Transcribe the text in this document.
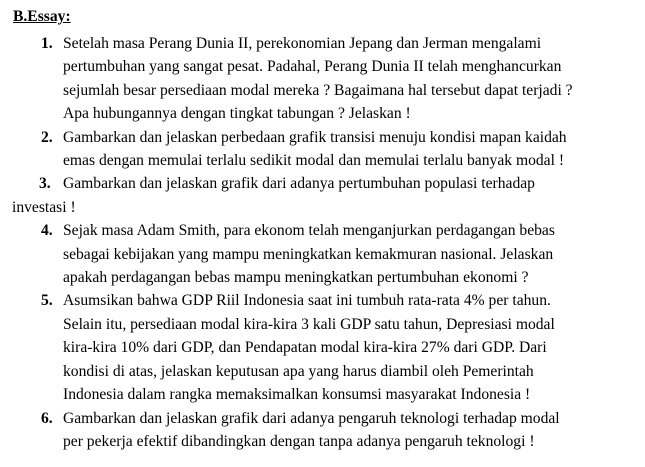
B.Essay:
1. Setelah masa Perang Dunia II, perekonomian Jepang dan Jerman mengalami
pertumbuhan yang sangat pesat. Padahal, Perang Dunia II telah menghancurkan
sejumlah besar persediaan modal mereka ? Bagaimana hal tersebut dapat terjadi ?
Apa hubungannya dengan tingkat tabungan ? Jelaskan !
2. Gambarkan dan jelaskan perbedaan grafik transisi menuju kondisi mapan kaidah
emas dengan memulai terlalu sedikit modal dan memulai terlalu banyak modal !
3. Gambarkan dan jelaskan grafik dari adanya pertumbuhan populasi terhadap
investasi !
4. Sejak masa Adam Smith, para ekonom telah menganjurkan perdagangan bebas
sebagai kebijakan yang mampu meningkatkan kemakmuran nasional. Jelaskan
apakah perdagangan bebas mampu meningkatkan pertumbuhan ekonomi ?
5. Asumsikan bahwa GDP Riil Indonesia saat ini tumbuh rata-rata 4% per tahun.
Selain itu, persediaan modal kira-kira 3 kali GDP satu tahun, Depresiasi modal
kira-kira 10% dari GDP, dan Pendapatan modal kira-kira 27% dari GDP. Dari
kondisi di atas, jelaskan keputusan apa yang harus diambil oleh Pemerintah
Indonesia dalam rangka memaksimalkan konsumsi masyarakat Indonesia !
6. Gambarkan dan jelaskan grafik dari adanya pengaruh teknologi terhadap modal
per pekerja efektif dibandingkan dengan tanpa adanya pengaruh teknologi !
